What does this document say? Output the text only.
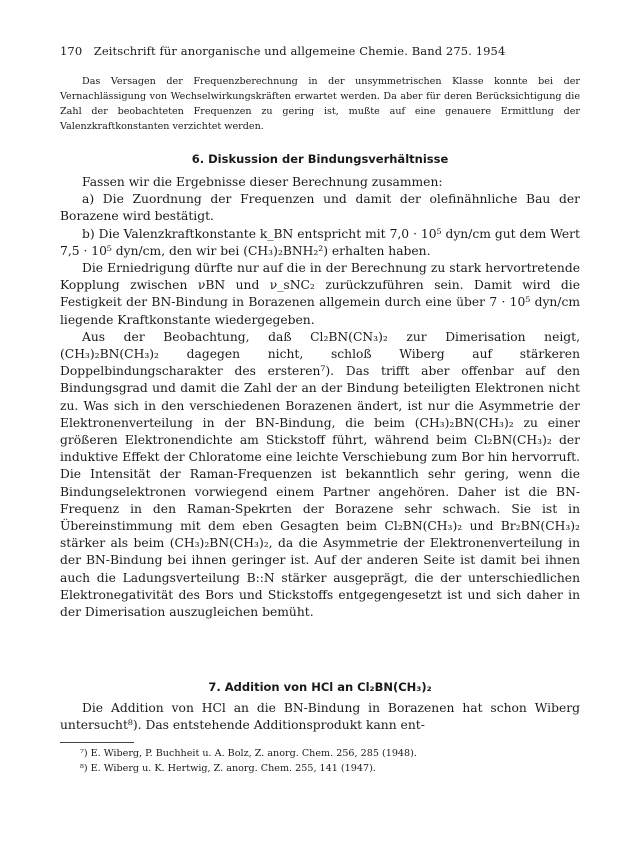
170 Zeitschrift für anorganische und allgemeine Chemie. Band 275. 1954

Das Versagen der Frequenzberechnung in der unsymmetrischen Klasse konnte bei der Vernachlässigung von Wechselwirkungskräften erwartet werden. Da aber für deren Berücksichtigung die Zahl der beobachteten Frequenzen zu gering ist, mußte auf eine genauere Ermittlung der Valenzkraftkonstanten verzichtet werden.

6. Diskussion der Bindungsverhältnisse

Fassen wir die Ergebnisse dieser Berechnung zusammen:

a) Die Zuordnung der Frequenzen und damit der olefinähnliche Bau der Borazene wird bestätigt.

b) Die Valenzkraftkonstante k_BN entspricht mit 7,0 · 10⁵ dyn/cm gut dem Wert 7,5 · 10⁵ dyn/cm, den wir bei (CH₃)₂BNH₂²) erhalten haben.

Die Erniedrigung dürfte nur auf die in der Berechnung zu stark hervortretende Kopplung zwischen νBN und ν_sNC₂ zurückzuführen sein. Damit wird die Festigkeit der BN-Bindung in Borazenen allgemein durch eine über 7 · 10⁵ dyn/cm liegende Kraftkonstante wiedergegeben.

Aus der Beobachtung, daß Cl₂BN(CN₃)₂ zur Dimerisation neigt, (CH₃)₂BN(CH₃)₂ dagegen nicht, schloß Wiberg auf stärkeren Doppelbindungscharakter des ersteren⁷). Das trifft aber offenbar auf den Bindungsgrad und damit die Zahl der an der Bindung beteiligten Elektronen nicht zu. Was sich in den verschiedenen Borazenen ändert, ist nur die Asymmetrie der Elektronenverteilung in der BN-Bindung, die beim (CH₃)₂BN(CH₃)₂ zu einer größeren Elektronendichte am Stickstoff führt, während beim Cl₂BN(CH₃)₂ der induktive Effekt der Chloratome eine leichte Verschiebung zum Bor hin hervorruft. Die Intensität der Raman-Frequenzen ist bekanntlich sehr gering, wenn die Bindungselektronen vorwiegend einem Partner angehören. Daher ist die BN-Frequenz in den Raman-Spekrten der Borazene sehr schwach. Sie ist in Übereinstimmung mit dem eben Gesagten beim Cl₂BN(CH₃)₂ und Br₂BN(CH₃)₂ stärker als beim (CH₃)₂BN(CH₃)₂, da die Asymmetrie der Elektronenverteilung in der BN-Bindung bei ihnen geringer ist. Auf der anderen Seite ist damit bei ihnen auch die Ladungsverteilung B::N stärker ausgeprägt, die der unterschiedlichen Elektronegativität des Bors und Stickstoffs entgegengesetzt ist und sich daher in der Dimerisation auszugleichen bemüht.

7. Addition von HCl an Cl₂BN(CH₃)₂

Die Addition von HCl an die BN-Bindung in Borazenen hat schon Wiberg untersucht⁸). Das entstehende Additionsprodukt kann ent-

⁷) E. Wiberg, P. Buchheit u. A. Bolz, Z. anorg. Chem. 256, 285 (1948).
⁸) E. Wiberg u. K. Hertwig, Z. anorg. Chem. 255, 141 (1947).
